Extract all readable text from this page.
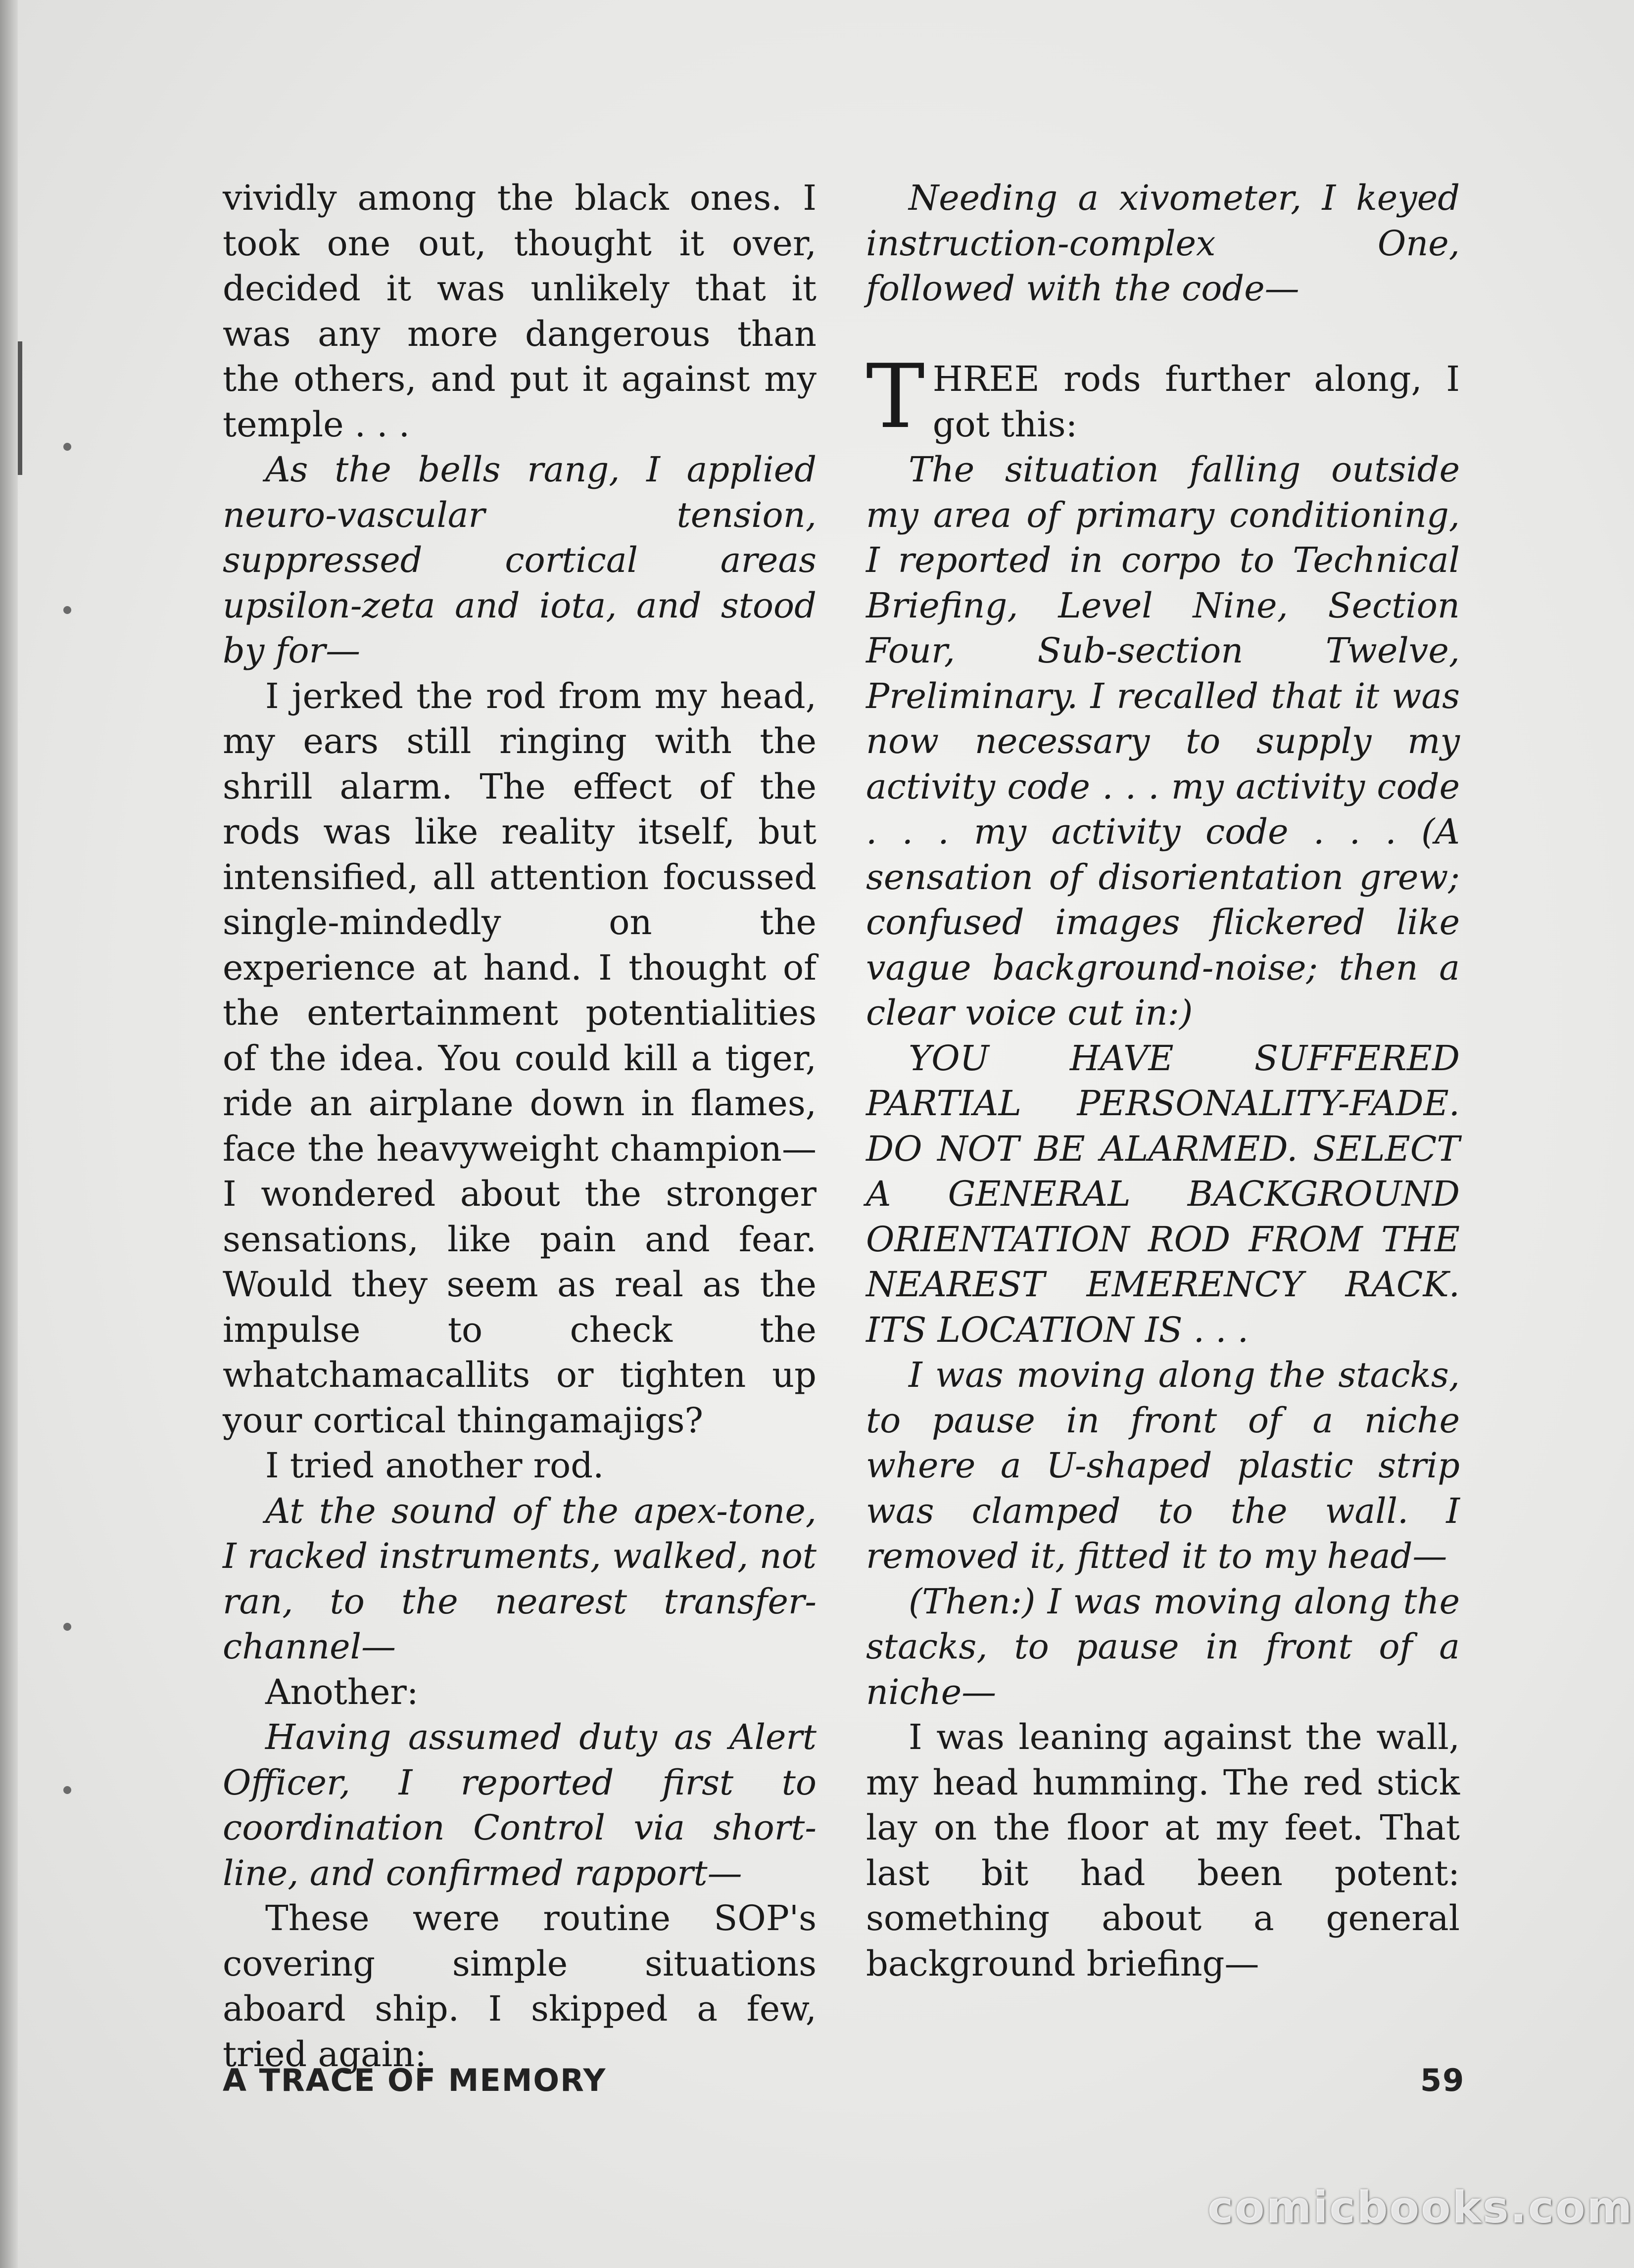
vividly among the black ones. I took one out, thought it over, decided it was unlikely that it was any more dangerous than the others, and put it against my temple . . .

As the bells rang, I applied neuro-vascular tension, suppressed cortical areas upsilon-zeta and iota, and stood by for—

I jerked the rod from my head, my ears still ringing with the shrill alarm. The effect of the rods was like reality itself, but intensified, all attention focussed single-mindedly on the experience at hand. I thought of the entertainment potentialities of the idea. You could kill a tiger, ride an airplane down in flames, face the heavyweight champion— I wondered about the stronger sensations, like pain and fear. Would they seem as real as the impulse to check the whatchamacallits or tighten up your cortical thingamajigs?

I tried another rod.

At the sound of the apex-tone, I racked instruments, walked, not ran, to the nearest transfer-channel—

Another:

Having assumed duty as Alert Officer, I reported first to coordination Control via short-line, and confirmed rapport—

These were routine SOP's covering simple situations aboard ship. I skipped a few, tried again:

Needing a xivometer, I keyed instruction-complex One, followed with the code—

THREE rods further along, I got this:

The situation falling outside my area of primary conditioning, I reported in corpo to Technical Briefing, Level Nine, Section Four, Sub-section Twelve, Preliminary. I recalled that it was now necessary to supply my activity code . . . my activity code . . . my activity code . . . (A sensation of disorientation grew; confused images flickered like vague background-noise; then a clear voice cut in:)

YOU HAVE SUFFERED PARTIAL PERSONALITY-FADE. DO NOT BE ALARMED. SELECT A GENERAL BACKGROUND ORIENTATION ROD FROM THE NEAREST EMERENCY RACK. ITS LOCATION IS . . .

I was moving along the stacks, to pause in front of a niche where a U-shaped plastic strip was clamped to the wall. I removed it, fitted it to my head—

(Then:) I was moving along the stacks, to pause in front of a niche—

I was leaning against the wall, my head humming. The red stick lay on the floor at my feet. That last bit had been potent: something about a general background briefing—

A TRACE OF MEMORY	59
comicbooks.com
